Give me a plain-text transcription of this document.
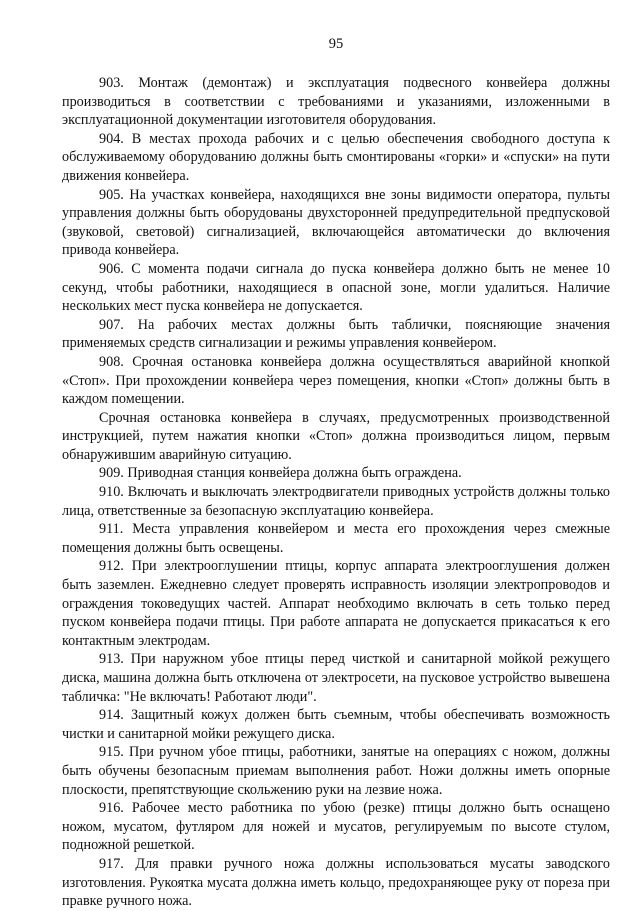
95

903. Монтаж (демонтаж) и эксплуатация подвесного конвейера должны производиться в соответствии с требованиями и указаниями, изложенными в эксплуатационной документации изготовителя оборудования.

904. В местах прохода рабочих и с целью обеспечения свободного доступа к обслуживаемому оборудованию должны быть смонтированы «горки» и «спуски» на пути движения конвейера.

905. На участках конвейера, находящихся вне зоны видимости оператора, пульты управления должны быть оборудованы двухсторонней предупредительной предпусковой (звуковой, световой) сигнализацией, включающейся автоматически до включения привода конвейера.

906. С момента подачи сигнала до пуска конвейера должно быть не менее 10 секунд, чтобы работники, находящиеся в опасной зоне, могли удалиться. Наличие нескольких мест пуска конвейера не допускается.

907. На рабочих местах должны быть таблички, поясняющие значения применяемых средств сигнализации и режимы управления конвейером.

908. Срочная остановка конвейера должна осуществляться аварийной кнопкой «Стоп». При прохождении конвейера через помещения, кнопки «Стоп» должны быть в каждом помещении.

Срочная остановка конвейера в случаях, предусмотренных производственной инструкцией, путем нажатия кнопки «Стоп» должна производиться лицом, первым обнаружившим аварийную ситуацию.

909. Приводная станция конвейера должна быть ограждена.

910. Включать и выключать электродвигатели приводных устройств должны только лица, ответственные за безопасную эксплуатацию конвейера.

911. Места управления конвейером и места его прохождения через смежные помещения должны быть освещены.

912. При электрооглушении птицы, корпус аппарата электрооглушения должен быть заземлен. Ежедневно следует проверять исправность изоляции электропроводов и ограждения токоведущих частей. Аппарат необходимо включать в сеть только перед пуском конвейера подачи птицы. При работе аппарата не допускается прикасаться к его контактным электродам.

913. При наружном убое птицы перед чисткой и санитарной мойкой режущего диска, машина должна быть отключена от электросети, на пусковое устройство вывешена табличка: "Не включать! Работают люди".

914. Защитный кожух должен быть съемным, чтобы обеспечивать возможность чистки и санитарной мойки режущего диска.

915. При ручном убое птицы, работники, занятые на операциях с ножом, должны быть обучены безопасным приемам выполнения работ. Ножи должны иметь опорные плоскости, препятствующие скольжению руки на лезвие ножа.

916. Рабочее место работника по убою (резке) птицы должно быть оснащено ножом, мусатом, футляром для ножей и мусатов, регулируемым по высоте стулом, подножной решеткой.

917. Для правки ручного ножа должны использоваться мусаты заводского изготовления. Рукоятка мусата должна иметь кольцо, предохраняющее руку от пореза при правке ручного ножа.
